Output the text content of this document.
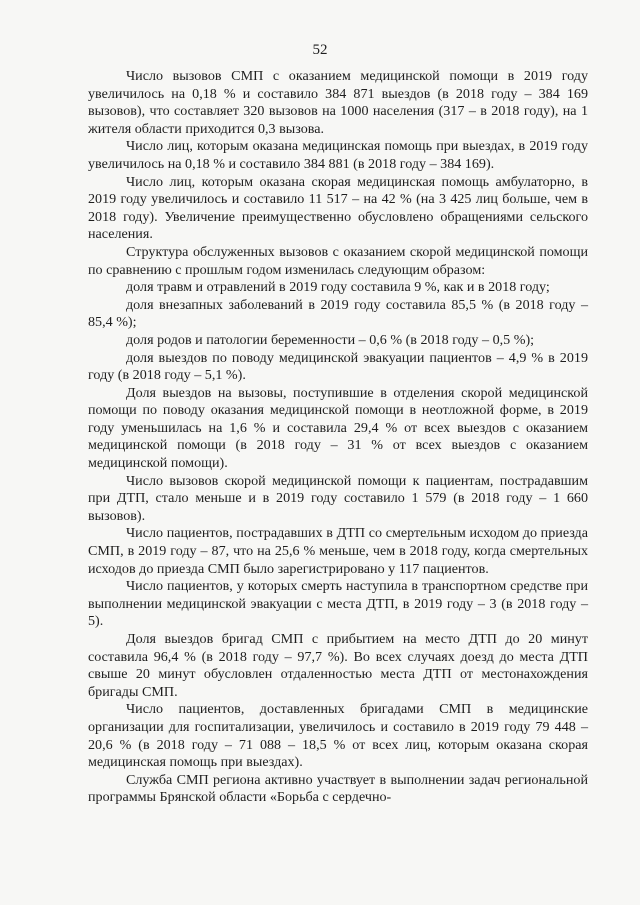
52

Число вызовов СМП с оказанием медицинской помощи в 2019 году увеличилось на 0,18 % и составило 384 871 выездов (в 2018 году – 384 169 вызовов), что составляет 320 вызовов на 1000 населения (317 – в 2018 году), на 1 жителя области приходится 0,3 вызова.

Число лиц, которым оказана медицинская помощь при выездах, в 2019 году увеличилось на 0,18 % и составило 384 881 (в 2018 году – 384 169).

Число лиц, которым оказана скорая медицинская помощь амбулаторно, в 2019 году увеличилось и составило 11 517 – на 42 % (на 3 425 лиц больше, чем в 2018 году). Увеличение преимущественно обусловлено обращениями сельского населения.

Структура обслуженных вызовов с оказанием скорой медицинской помощи по сравнению с прошлым годом изменилась следующим образом:

доля травм и отравлений в 2019 году составила 9 %, как и в 2018 году;

доля внезапных заболеваний в 2019 году составила 85,5 % (в 2018 году – 85,4 %);

доля родов и патологии беременности – 0,6 % (в 2018 году – 0,5 %);

доля выездов по поводу медицинской эвакуации пациентов – 4,9 % в 2019 году (в 2018 году – 5,1 %).

Доля выездов на вызовы, поступившие в отделения скорой медицинской помощи по поводу оказания медицинской помощи в неотложной форме, в 2019 году уменьшилась на 1,6 % и составила 29,4 % от всех выездов с оказанием медицинской помощи (в 2018 году – 31 % от всех выездов с оказанием медицинской помощи).

Число вызовов скорой медицинской помощи к пациентам, пострадавшим при ДТП, стало меньше и в 2019 году составило 1 579 (в 2018 году – 1 660 вызовов).

Число пациентов, пострадавших в ДТП со смертельным исходом до приезда СМП, в 2019 году – 87, что на 25,6 % меньше, чем в 2018 году, когда смертельных исходов до приезда СМП было зарегистрировано у 117 пациентов.

Число пациентов, у которых смерть наступила в транспортном средстве при выполнении медицинской эвакуации с места ДТП, в 2019 году – 3 (в 2018 году – 5).

Доля выездов бригад СМП с прибытием на место ДТП до 20 минут составила 96,4 % (в 2018 году – 97,7 %). Во всех случаях доезд до места ДТП свыше 20 минут обусловлен отдаленностью места ДТП от местонахождения бригады СМП.

Число пациентов, доставленных бригадами СМП в медицинские организации для госпитализации, увеличилось и составило в 2019 году 79 448 – 20,6 % (в 2018 году – 71 088 – 18,5 % от всех лиц, которым оказана скорая медицинская помощь при выездах).

Служба СМП региона активно участвует в выполнении задач региональной программы Брянской области «Борьба с сердечно-
